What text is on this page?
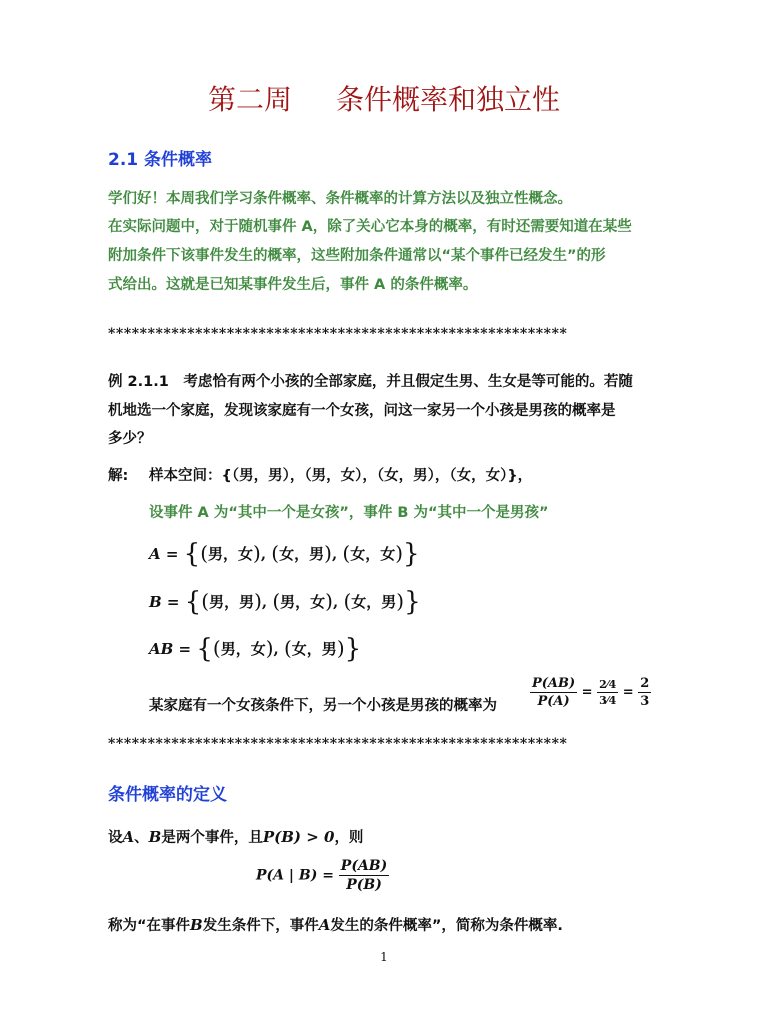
第二周 条件概率和独立性
2.1 条件概率
学们好！本周我们学习条件概率、条件概率的计算方法以及独立性概念。
在实际问题中，对于随机事件 A，除了关心它本身的概率，有时还需要知道在某些
附加条件下该事件发生的概率，这些附加条件通常以“某个事件已经发生”的形
式给出。这就是已知某事件发生后，事件 A 的条件概率。
**********************************************************
例 2.1.1　考虑恰有两个小孩的全部家庭，并且假定生男、生女是等可能的。若随
机地选一个家庭，发现该家庭有一个女孩，问这一家另一个小孩是男孩的概率是
多少？
解: 样本空间：{（男，男），（男，女），（女，男），（女，女）}，
设事件 A 为“其中一个是女孩”，事件 B 为“其中一个是男孩”
A = {(男，女), (女，男), (女，女)}
B = {(男，男), (男，女), (女，男)}
AB = {(男，女), (女，男)}
某家庭有一个女孩条件下，另一个小孩是男孩的概率为	$\frac{P(AB)}{P(A)} = \frac{2⁄4}{3⁄4} = \frac{2}{3}$
**********************************************************
条件概率的定义
设A、B是两个事件，且P(B) > 0，则
P(A | $B) = \frac{P(AB)}{P(B)}$
称为“在事件B发生条件下，事件A发生的条件概率”，简称为条件概率.
1
